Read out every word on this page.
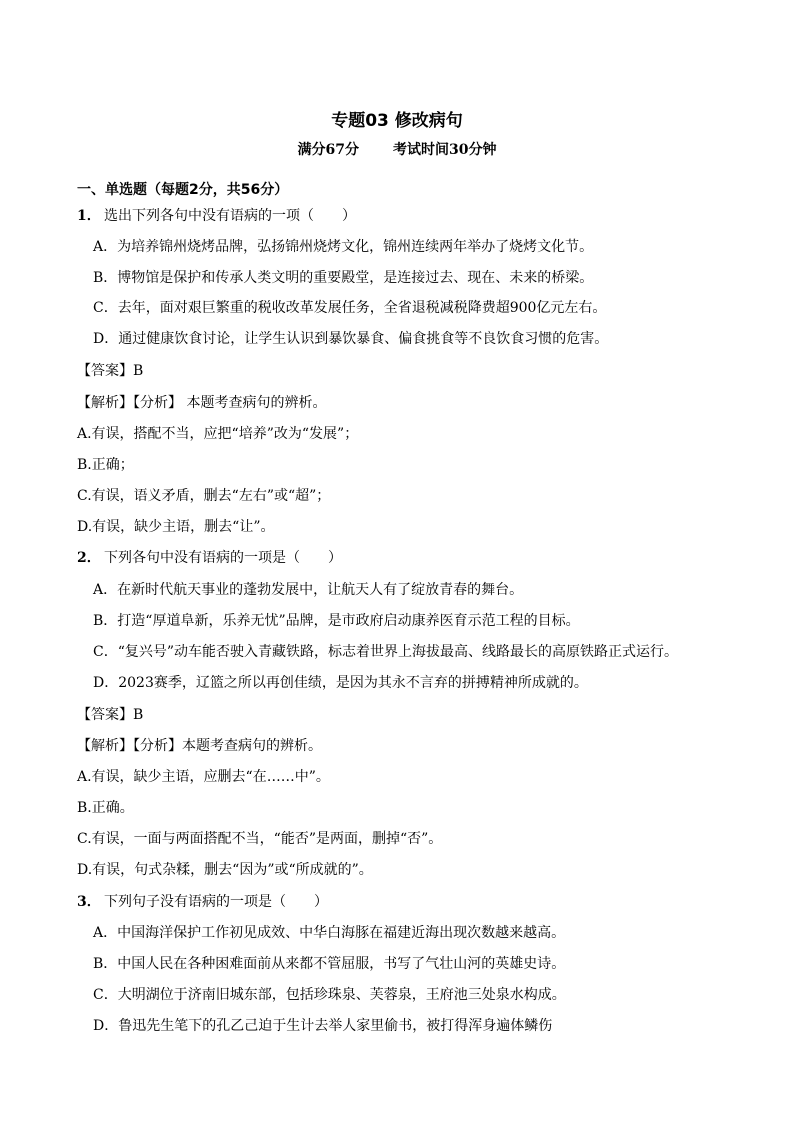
专题03 修改病句
满分67分 考试时间30分钟
一、单选题（每题2分，共56分）
1． 选出下列各句中没有语病的一项（　　）
A．为培养锦州烧烤品牌，弘扬锦州烧烤文化，锦州连续两年举办了烧烤文化节。
B．博物馆是保护和传承人类文明的重要殿堂，是连接过去、现在、未来的桥梁。
C．去年，面对艰巨繁重的税收改革发展任务，全省退税减税降费超900亿元左右。
D．通过健康饮食讨论，让学生认识到暴饮暴食、偏食挑食等不良饮食习惯的危害。
【答案】B
【解析】【分析】 本题考查病句的辨析。
A.有误，搭配不当，应把“培养”改为“发展”；
B.正确；
C.有误，语义矛盾，删去“左右”或“超”；
D.有误，缺少主语，删去“让”。
2． 下列各句中没有语病的一项是（　　）
A．在新时代航天事业的蓬勃发展中，让航天人有了绽放青春的舞台。
B．打造“厚道阜新，乐养无忧”品牌，是市政府启动康养医育示范工程的目标。
C．“复兴号”动车能否驶入青藏铁路，标志着世界上海拔最高、线路最长的高原铁路正式运行。
D．2023赛季，辽篮之所以再创佳绩，是因为其永不言弃的拼搏精神所成就的。
【答案】B
【解析】【分析】本题考查病句的辨析。
A.有误，缺少主语，应删去“在……中”。
B.正确。
C.有误，一面与两面搭配不当，“能否”是两面，删掉“否”。
D.有误，句式杂糅，删去“因为”或“所成就的”。
3． 下列句子没有语病的一项是（　　）
A．中国海洋保护工作初见成效、中华白海豚在福建近海出现次数越来越高。
B．中国人民在各种困难面前从来都不管屈服，书写了气壮山河的英雄史诗。
C．大明湖位于济南旧城东部，包括珍珠泉、芙蓉泉，王府池三处泉水构成。
D．鲁迅先生笔下的孔乙己迫于生计去举人家里偷书，被打得浑身遍体鳞伤
